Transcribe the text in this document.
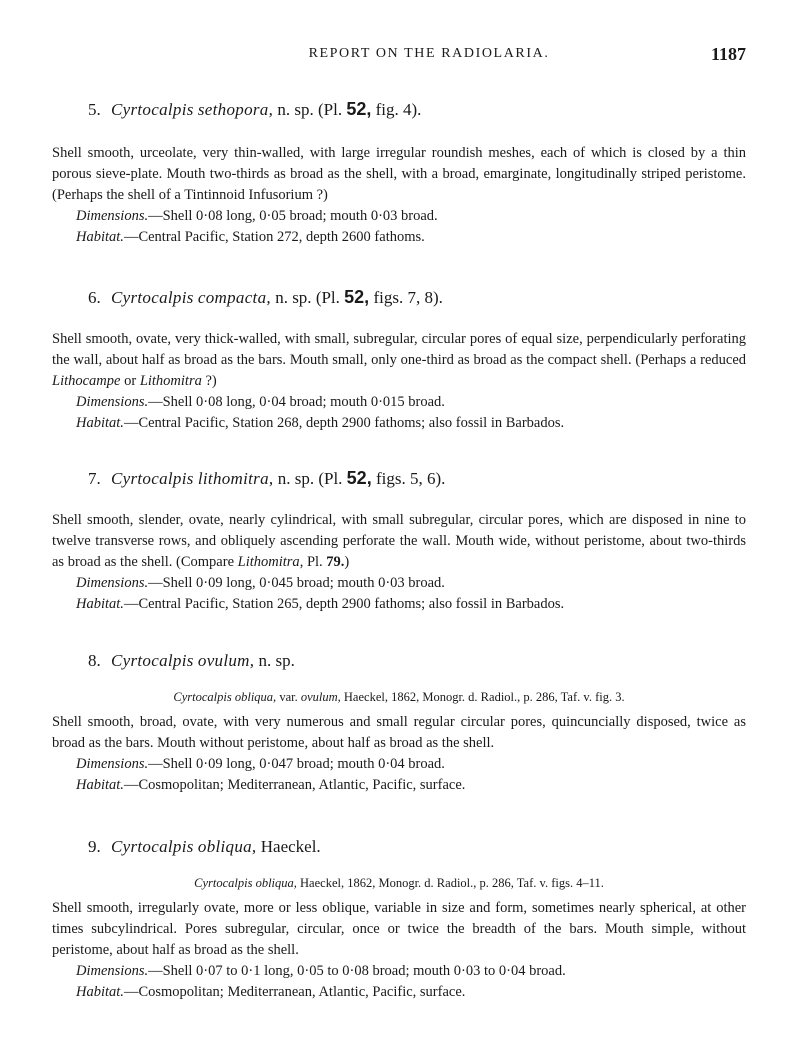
REPORT ON THE RADIOLARIA.	1187
5. Cyrtocalpis sethopora, n. sp. (Pl. 52, fig. 4).

Shell smooth, urceolate, very thin-walled, with large irregular roundish meshes, each of which is closed by a thin porous sieve-plate. Mouth two-thirds as broad as the shell, with a broad, emarginate, longitudinally striped peristome. (Perhaps the shell of a Tintinnoid Infusorium ?)

Dimensions.—Shell 0·08 long, 0·05 broad; mouth 0·03 broad.
Habitat.—Central Pacific, Station 272, depth 2600 fathoms.
6. Cyrtocalpis compacta, n. sp. (Pl. 52, figs. 7, 8).

Shell smooth, ovate, very thick-walled, with small, subregular, circular pores of equal size, perpendicularly perforating the wall, about half as broad as the bars. Mouth small, only one-third as broad as the compact shell. (Perhaps a reduced Lithocampe or Lithomitra ?)

Dimensions.—Shell 0·08 long, 0·04 broad; mouth 0·015 broad.
Habitat.—Central Pacific, Station 268, depth 2900 fathoms; also fossil in Barbados.
7. Cyrtocalpis lithomitra, n. sp. (Pl. 52, figs. 5, 6).

Shell smooth, slender, ovate, nearly cylindrical, with small subregular, circular pores, which are disposed in nine to twelve transverse rows, and obliquely ascending perforate the wall. Mouth wide, without peristome, about two-thirds as broad as the shell. (Compare Lithomitra, Pl. 79.)

Dimensions.—Shell 0·09 long, 0·045 broad; mouth 0·03 broad.
Habitat.—Central Pacific, Station 265, depth 2900 fathoms; also fossil in Barbados.
8. Cyrtocalpis ovulum, n. sp.

Cyrtocalpis obliqua, var. ovulum, Haeckel, 1862, Monogr. d. Radiol., p. 286, Taf. v. fig. 3.

Shell smooth, broad, ovate, with very numerous and small regular circular pores, quincuncially disposed, twice as broad as the bars. Mouth without peristome, about half as broad as the shell.

Dimensions.—Shell 0·09 long, 0·047 broad; mouth 0·04 broad.
Habitat.—Cosmopolitan; Mediterranean, Atlantic, Pacific, surface.
9. Cyrtocalpis obliqua, Haeckel.

Cyrtocalpis obliqua, Haeckel, 1862, Monogr. d. Radiol., p. 286, Taf. v. figs. 4–11.

Shell smooth, irregularly ovate, more or less oblique, variable in size and form, sometimes nearly spherical, at other times subcylindrical. Pores subregular, circular, once or twice the breadth of the bars. Mouth simple, without peristome, about half as broad as the shell.

Dimensions.—Shell 0·07 to 0·1 long, 0·05 to 0·08 broad; mouth 0·03 to 0·04 broad.
Habitat.—Cosmopolitan; Mediterranean, Atlantic, Pacific, surface.
